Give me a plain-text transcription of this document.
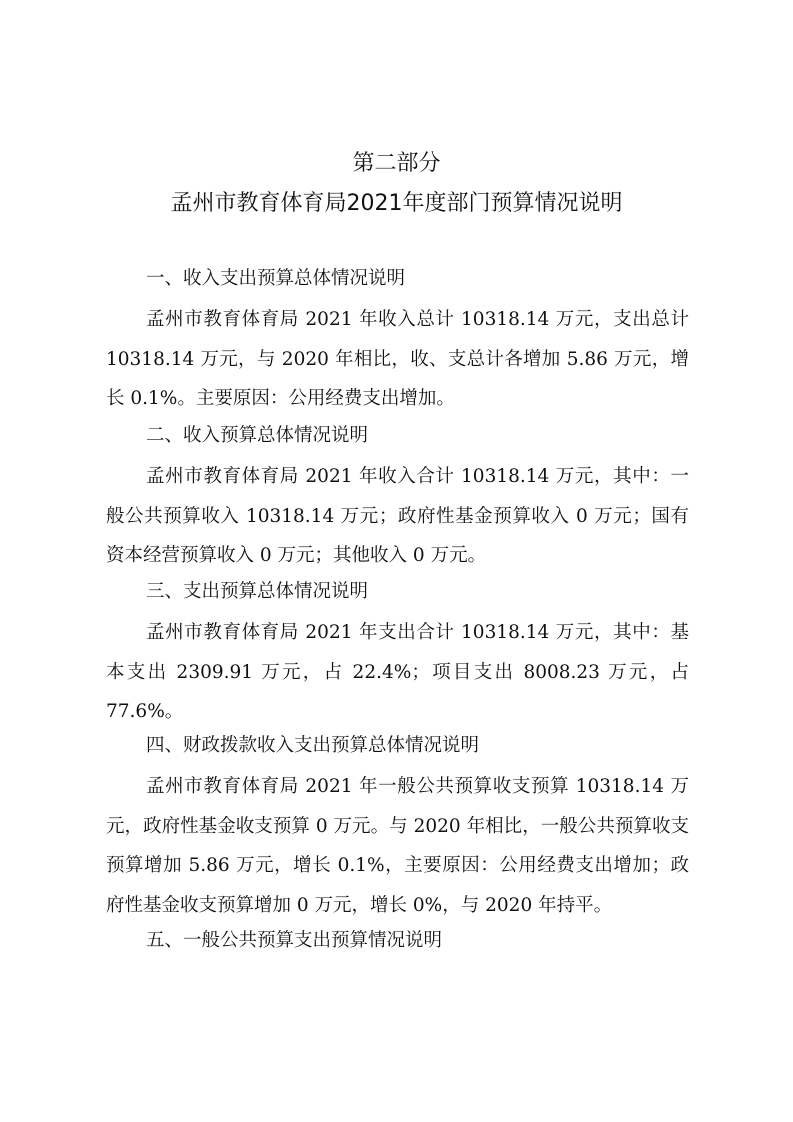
第二部分
孟州市教育体育局2021年度部门预算情况说明
一、收入支出预算总体情况说明

孟州市教育体育局 2021 年收入总计 10318.14 万元，支出总计 10318.14 万元，与 2020 年相比，收、支总计各增加 5.86 万元，增长 0.1%。主要原因：公用经费支出增加。

二、收入预算总体情况说明

孟州市教育体育局 2021 年收入合计 10318.14 万元，其中：一般公共预算收入 10318.14 万元；政府性基金预算收入 0 万元；国有资本经营预算收入 0 万元；其他收入 0 万元。

三、支出预算总体情况说明

孟州市教育体育局 2021 年支出合计 10318.14 万元，其中：基本支出 2309.91 万元，占 22.4%；项目支出 8008.23 万元，占 77.6%。

四、财政拨款收入支出预算总体情况说明

孟州市教育体育局 2021 年一般公共预算收支预算 10318.14 万元，政府性基金收支预算 0 万元。与 2020 年相比，一般公共预算收支预算增加 5.86 万元，增长 0.1%，主要原因：公用经费支出增加；政府性基金收支预算增加 0 万元，增长 0%，与 2020 年持平。

五、一般公共预算支出预算情况说明
